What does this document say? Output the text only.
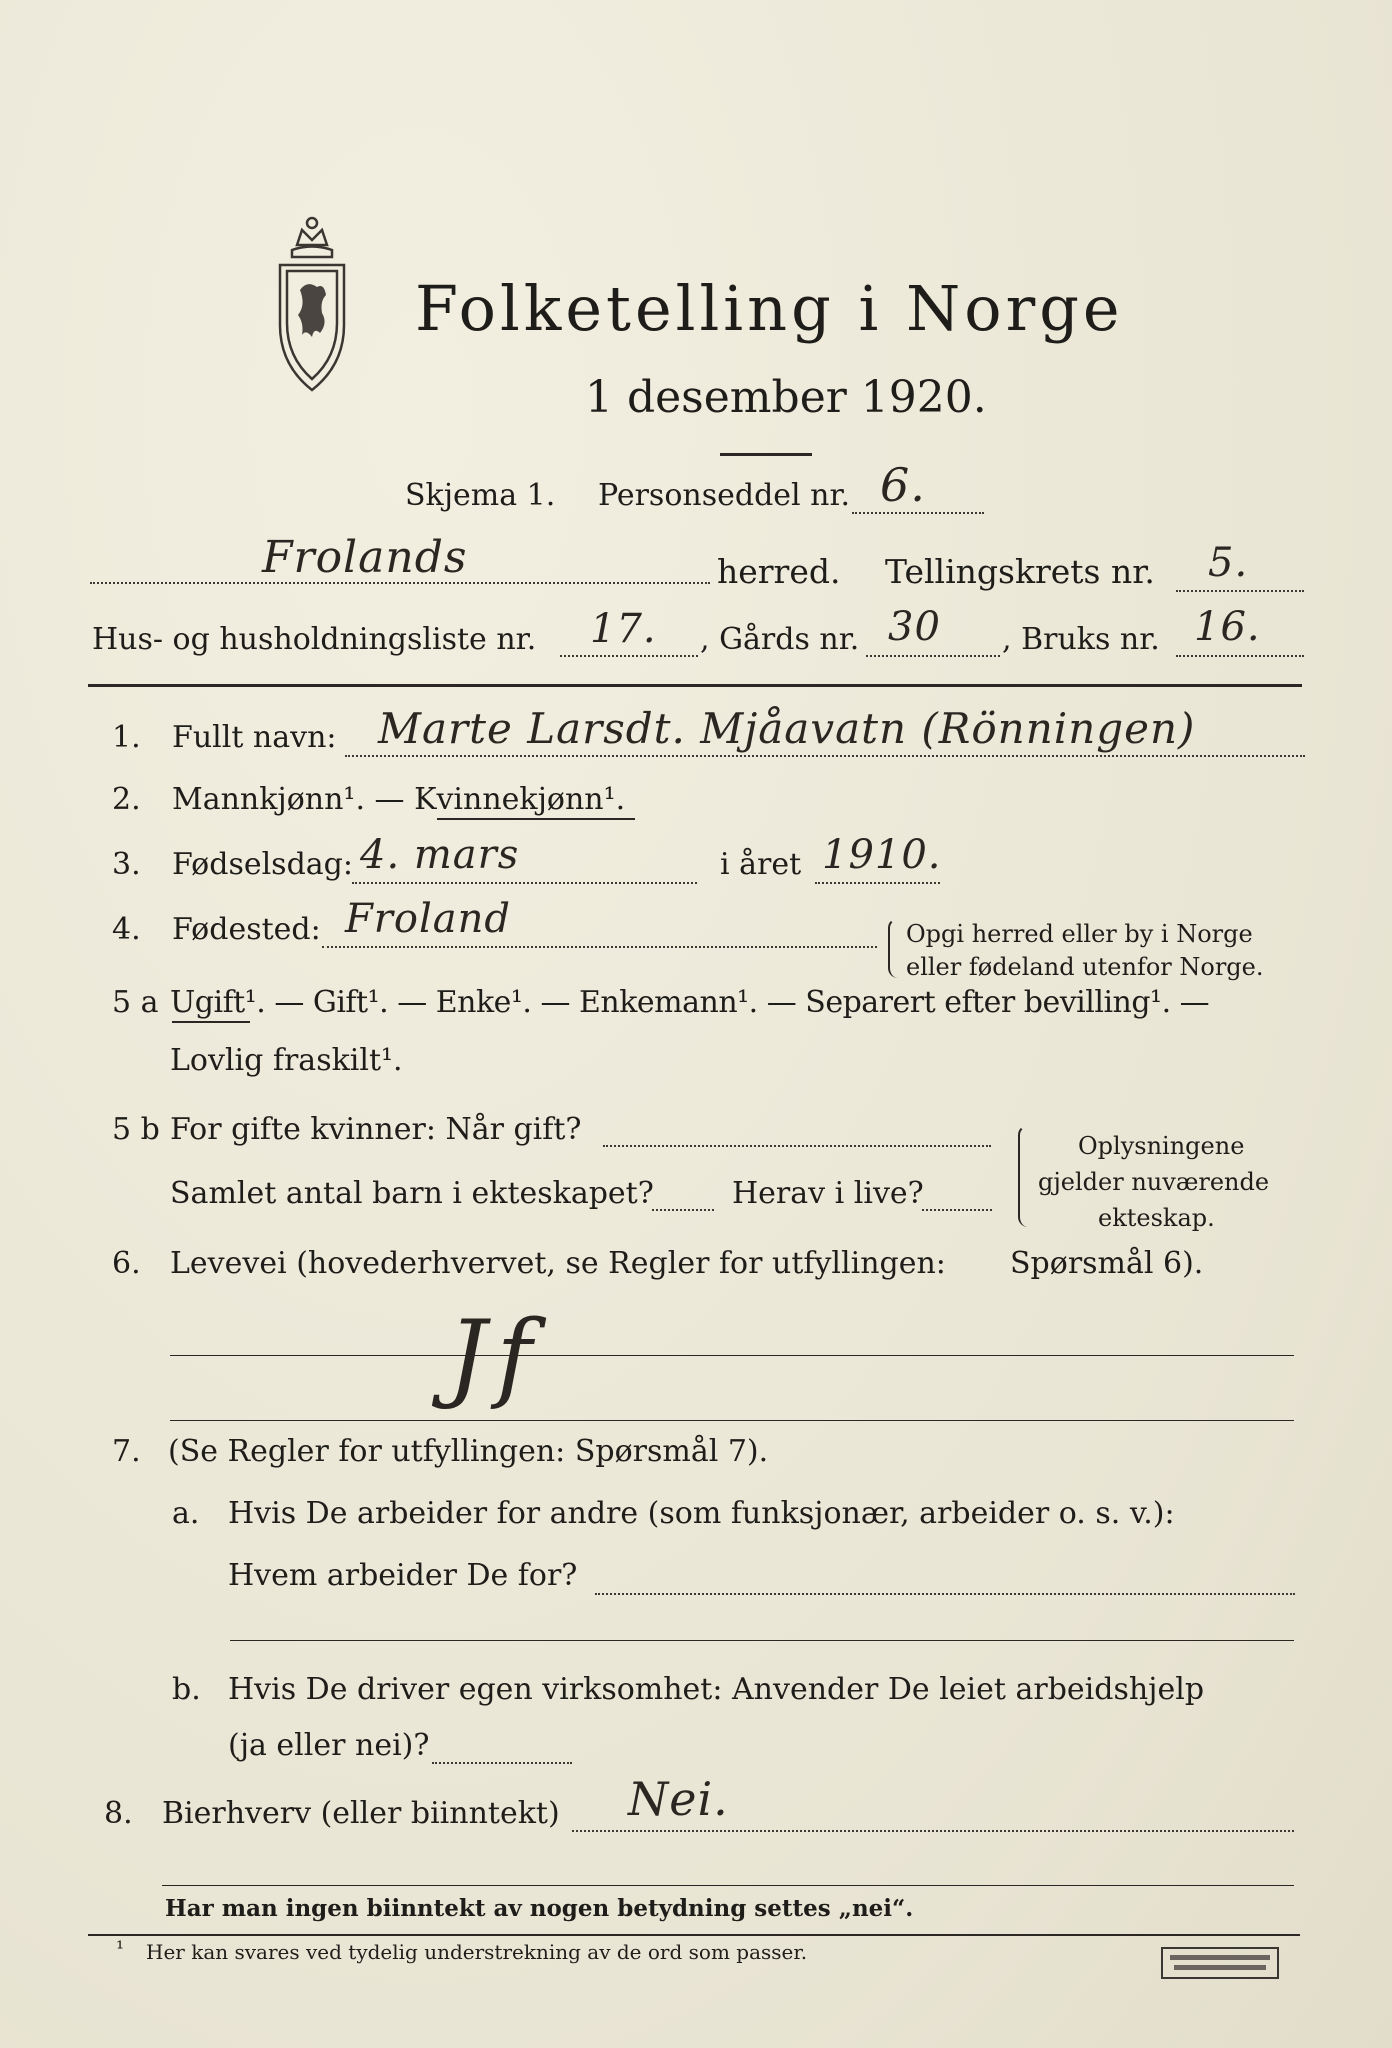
Folketelling i Norge
1 desember 1920.
Skjema 1. Personseddel nr. 6.
Frolands	herred. Tellingskrets nr. 5.
Hus- og husholdningsliste nr. 17. , Gårds nr. 30 , Bruks nr. 16.
1. Fullt navn: Marte Larsdt. Mjåavatn (Rönningen)
2. Mannkjønn¹. — Kvinnekjønn¹.
3. Fødselsdag: 4. mars	i året 1910.
4. Fødested: Froland	Opgi herred eller by i Norge
eller fødeland utenfor Norge.
5 a Ugift¹. — Gift¹. — Enke¹. — Enkemann¹. — Separert efter bevilling¹. —
Lovlig fraskilt¹.
5 b For gifte kvinner: Når gift?
Samlet antal barn i ekteskapet?	Herav i live?
Oplysningene
gjelder nuværende
ekteskap.
6. Levevei (hovederhvervet, se Regler for utfyllingen: Spørsmål 6).
Jf
7. (Se Regler for utfyllingen: Spørsmål 7).
a. Hvis De arbeider for andre (som funksjonær, arbeider o. s. v.):
Hvem arbeider De for?
b. Hvis De driver egen virksomhet: Anvender De leiet arbeidshjelp
(ja eller nei)?
8. Bierhverv (eller biinntekt) Nei.
Har man ingen biinntekt av nogen betydning settes „nei“.
¹ Her kan svares ved tydelig understrekning av de ord som passer.
